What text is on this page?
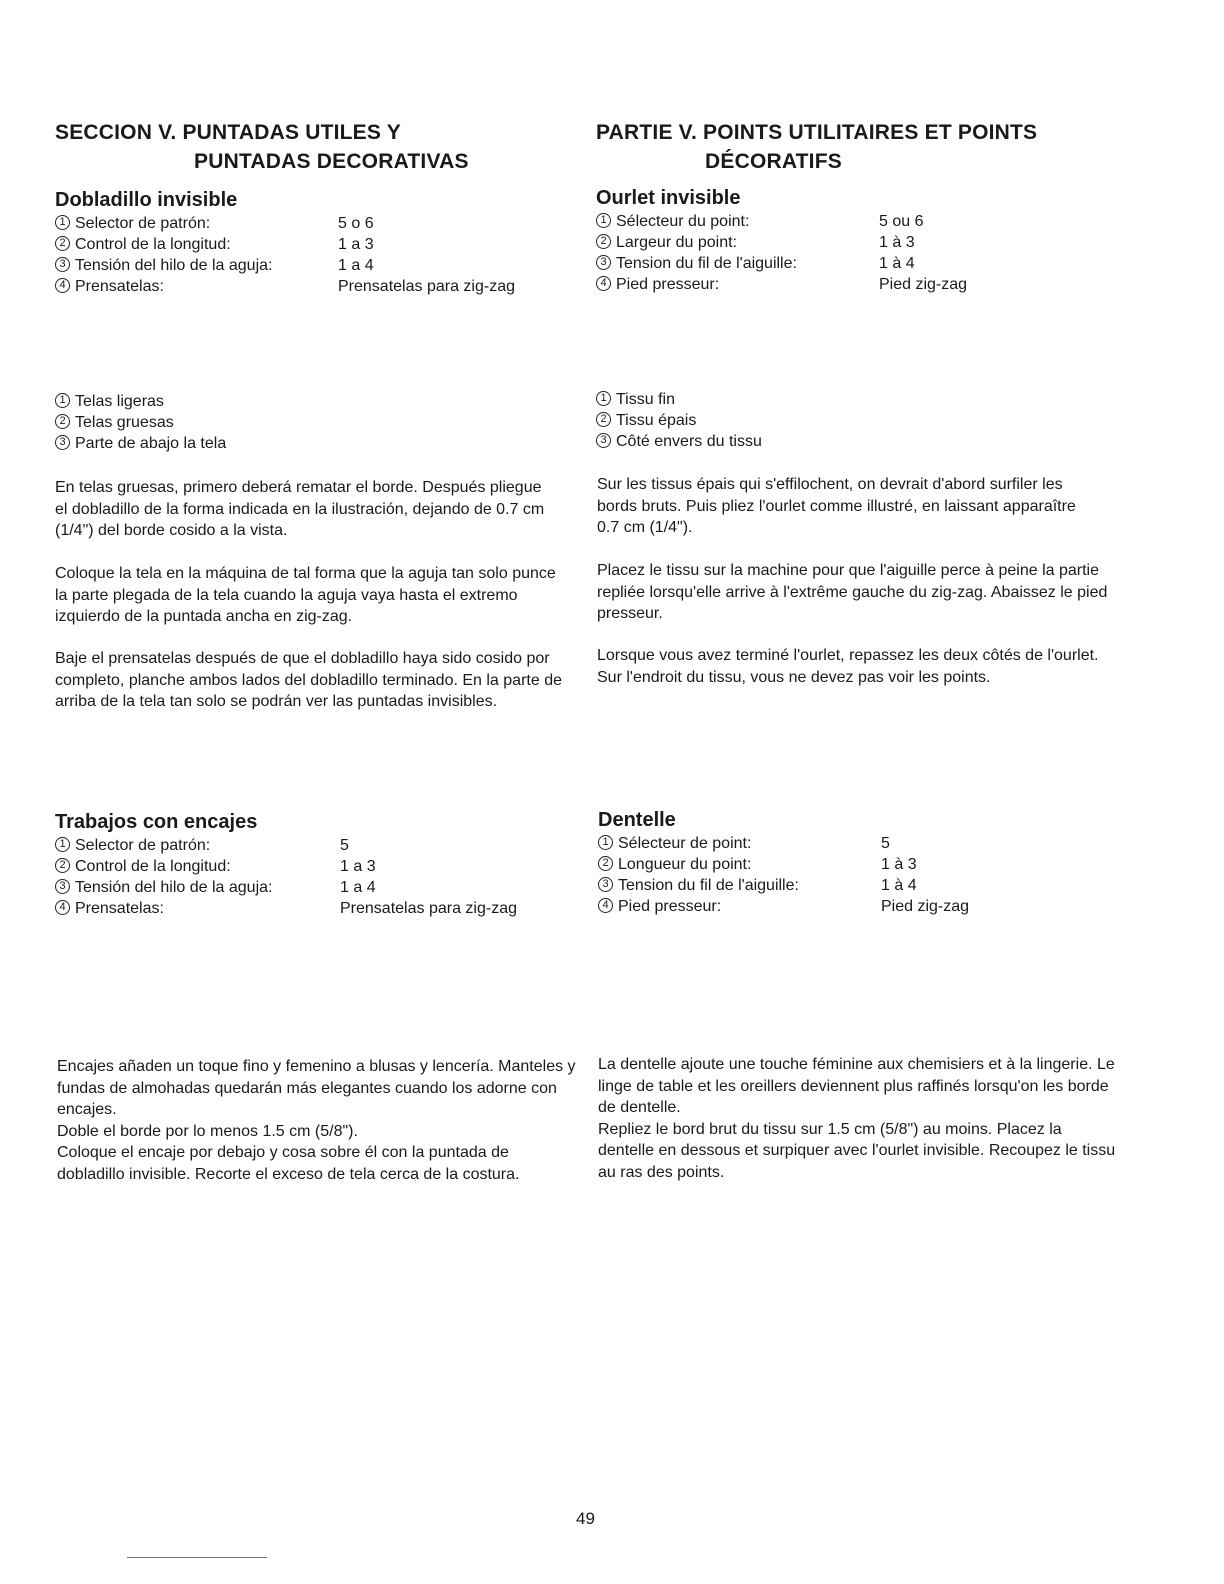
SECCION V. PUNTADAS UTILES Y
PUNTADAS DECORATIVAS
Dobladillo invisible
1 Selector de patrón:	5 o 6
2 Control de la longitud:	1 a 3
3 Tensión del hilo de la aguja:	1 a 4
4 Prensatelas:	Prensatelas para zig-zag
1 Telas ligeras
2 Telas gruesas
3 Parte de abajo la tela

En telas gruesas, primero deberá rematar el borde. Después pliegue el dobladillo de la forma indicada en la ilustración, dejando de 0.7 cm (1/4") del borde cosido a la vista.

Coloque la tela en la máquina de tal forma que la aguja tan solo punce la parte plegada de la tela cuando la aguja vaya hasta el extremo izquierdo de la puntada ancha en zig-zag.

Baje el prensatelas después de que el dobladillo haya sido cosido por completo, planche ambos lados del dobladillo terminado. En la parte de arriba de la tela tan solo se podrán ver las puntadas invisibles.

Trabajos con encajes
1 Selector de patrón:	5
2 Control de la longitud:	1 a 3
3 Tensión del hilo de la aguja:	1 a 4
4 Prensatelas:	Prensatelas para zig-zag
Encajes añaden un toque fino y femenino a blusas y lencería. Manteles y fundas de almohadas quedarán más elegantes cuando los adorne con encajes.
Doble el borde por lo menos 1.5 cm (5/8").
Coloque el encaje por debajo y cosa sobre él con la puntada de dobladillo invisible. Recorte el exceso de tela cerca de la costura.
PARTIE V. POINTS UTILITAIRES ET POINTS
DÉCORATIFS
Ourlet invisible
1 Sélecteur du point:	5 ou 6
2 Largeur du point:	1 à 3
3 Tension du fil de l'aiguille:	1 à 4
4 Pied presseur:	Pied zig-zag
1 Tissu fin
2 Tissu épais
3 Côté envers du tissu

Sur les tissus épais qui s'effilochent, on devrait d'abord surfiler les bords bruts. Puis pliez l'ourlet comme illustré, en laissant apparaître 0.7 cm (1/4").

Placez le tissu sur la machine pour que l'aiguille perce à peine la partie repliée lorsqu'elle arrive à l'extrême gauche du zig-zag. Abaissez le pied presseur.

Lorsque vous avez terminé l'ourlet, repassez les deux côtés de l'ourlet. Sur l'endroit du tissu, vous ne devez pas voir les points.

Dentelle
1 Sélecteur de point:	5
2 Longueur du point:	1 à 3
3 Tension du fil de l'aiguille:	1 à 4
4 Pied presseur:	Pied zig-zag
La dentelle ajoute une touche féminine aux chemisiers et à la lingerie. Le linge de table et les oreillers deviennent plus raffinés lorsqu'on les borde de dentelle.
Repliez le bord brut du tissu sur 1.5 cm (5/8") au moins. Placez la dentelle en dessous et surpiquer avec l'ourlet invisible. Recoupez le tissu au ras des points.
49
